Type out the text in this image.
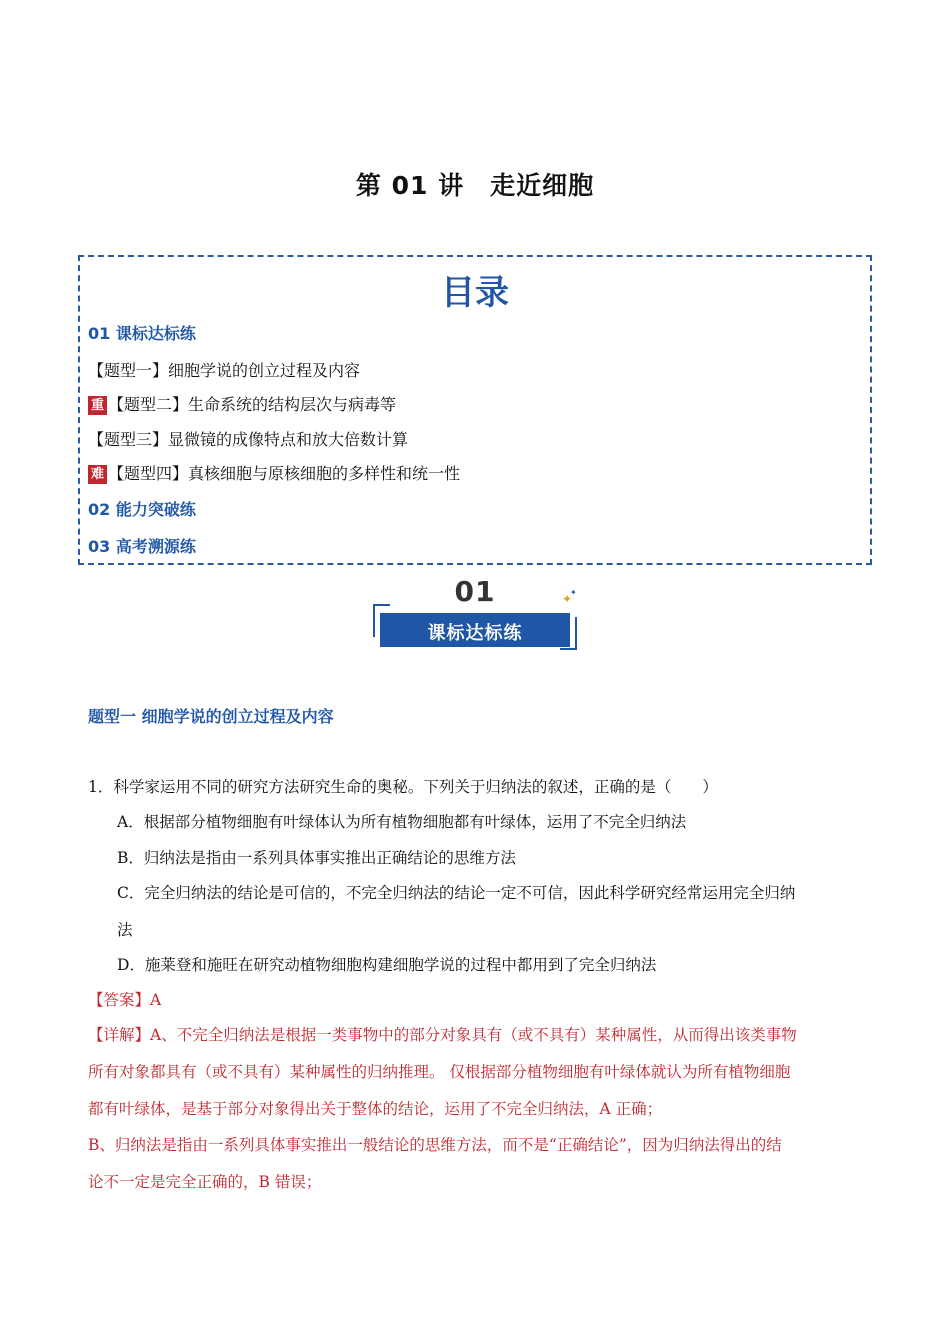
第 01 讲　走近细胞
目录
01 课标达标练
【题型一】细胞学说的创立过程及内容
重 【题型二】生命系统的结构层次与病毒等
【题型三】显微镜的成像特点和放大倍数计算
难 【题型四】真核细胞与原核细胞的多样性和统一性
02 能力突破练
03 高考溯源练
01	✦
✦
课标达标练
题型一 细胞学说的创立过程及内容
1．科学家运用不同的研究方法研究生命的奥秘。下列关于归纳法的叙述，正确的是（　　）
A．根据部分植物细胞有叶绿体认为所有植物细胞都有叶绿体，运用了不完全归纳法
B．归纳法是指由一系列具体事实推出正确结论的思维方法
C．完全归纳法的结论是可信的，不完全归纳法的结论一定不可信，因此科学研究经常运用完全归纳
法
D．施莱登和施旺在研究动植物细胞构建细胞学说的过程中都用到了完全归纳法
【答案】A
【详解】A、不完全归纳法是根据一类事物中的部分对象具有（或不具有）某种属性，从而得出该类事物
所有对象都具有（或不具有）某种属性的归纳推理。 仅根据部分植物细胞有叶绿体就认为所有植物细胞
都有叶绿体，是基于部分对象得出关于整体的结论，运用了不完全归纳法，A 正确；
B、归纳法是指由一系列具体事实推出一般结论的思维方法，而不是“正确结论”，因为归纳法得出的结
论不一定是完全正确的，B 错误；
